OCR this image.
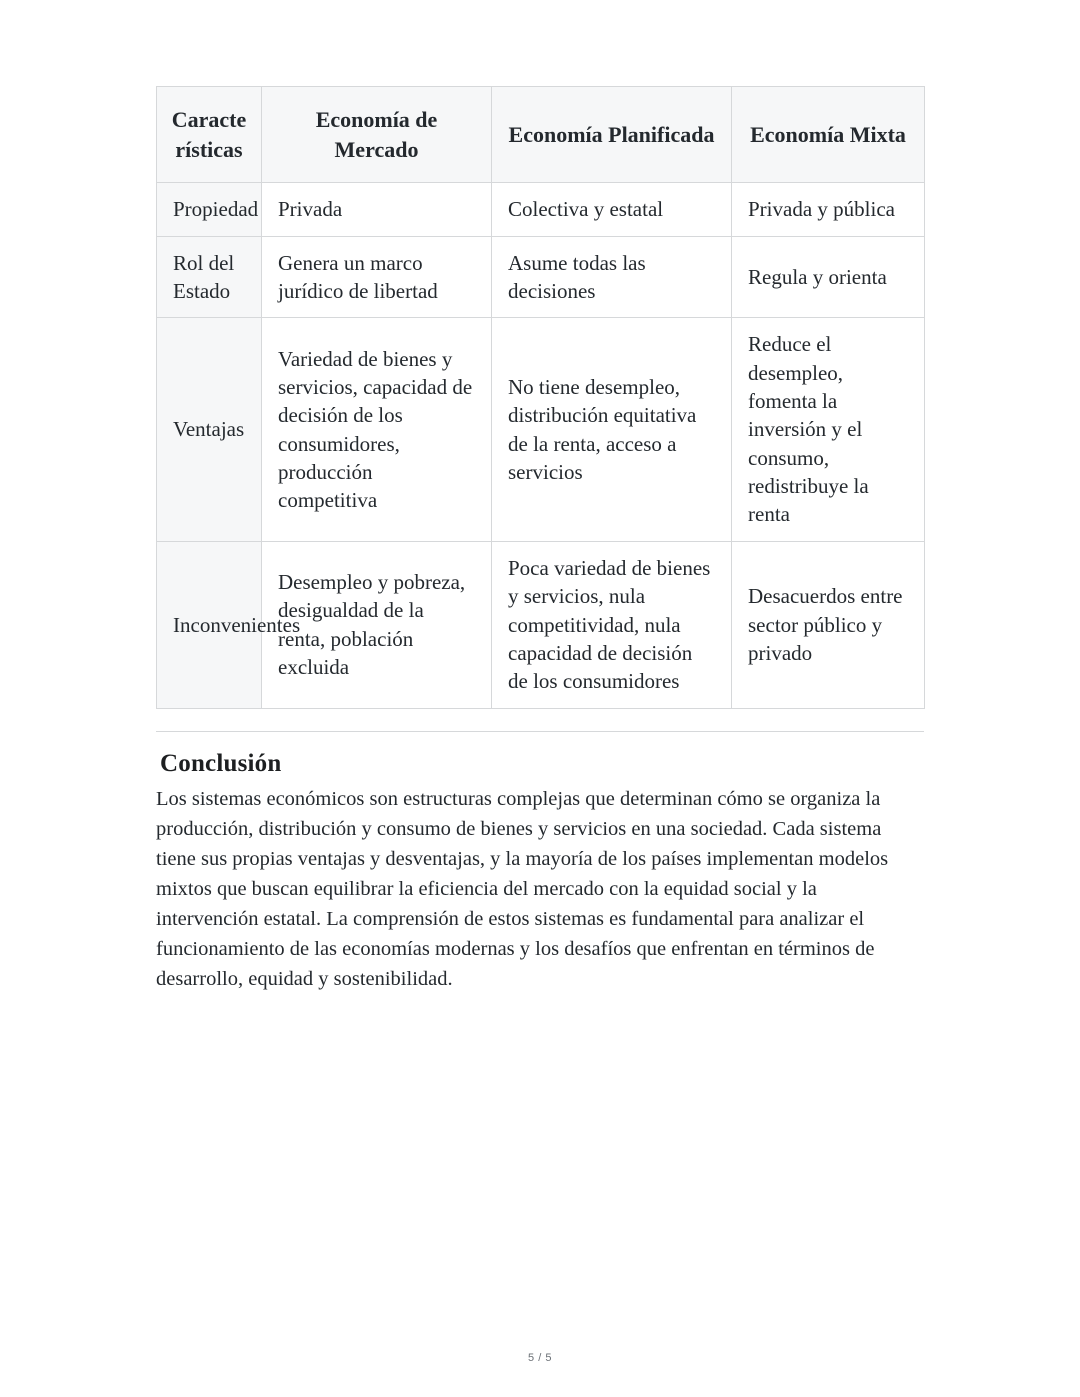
Características	Economía de Mercado	Economía Planificada	Economía Mixta
Propiedad	Privada	Colectiva y estatal	Privada y pública
Rol del Estado	Genera un marco jurídico de libertad	Asume todas las decisiones	Regula y orienta
Ventajas	Variedad de bienes y servicios, capacidad de decisión de los consumidores, producción competitiva	No tiene desempleo, distribución equitativa de la renta, acceso a servicios	Reduce el desempleo, fomenta la inversión y el consumo, redistribuye la renta
Inconvenientes	Desempleo y pobreza, desigualdad de la renta, población excluida	Poca variedad de bienes y servicios, nula competitividad, nula capacidad de decisión de los consumidores	Desacuerdos entre sector público y privado
Conclusión

Los sistemas económicos son estructuras complejas que determinan cómo se organiza la producción, distribución y consumo de bienes y servicios en una sociedad. Cada sistema tiene sus propias ventajas y desventajas, y la mayoría de los países implementan modelos mixtos que buscan equilibrar la eficiencia del mercado con la equidad social y la intervención estatal. La comprensión de estos sistemas es fundamental para analizar el funcionamiento de las economías modernas y los desafíos que enfrentan en términos de desarrollo, equidad y sostenibilidad.

5 / 5
